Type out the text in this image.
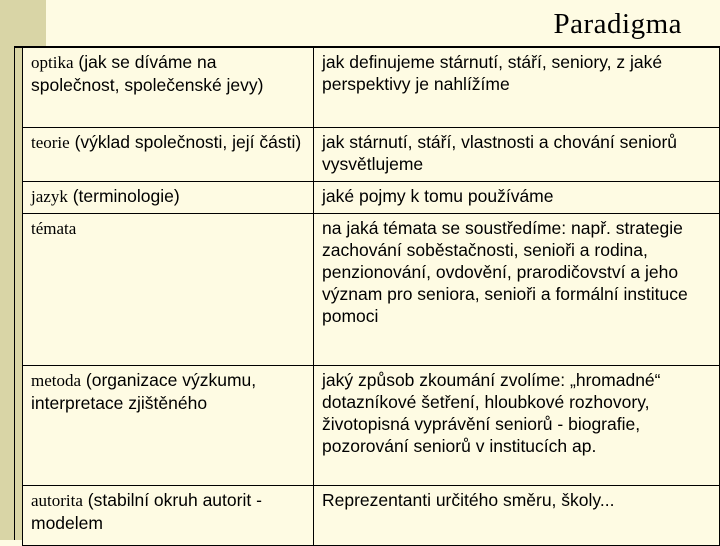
Paradigma
optika (jak se díváme na společnost, společenské jevy)	jak definujeme stárnutí, stáří, seniory, z jaké perspektivy je nahlížíme
teorie (výklad společnosti, její části)	jak stárnutí, stáří, vlastnosti a chování seniorů vysvětlujeme
jazyk (terminologie)	jaké pojmy k tomu používáme
témata	na jaká témata se soustředíme: např. strategie zachování soběstačnosti, senioři a rodina, penzionování, ovdovění, prarodičovství a jeho význam pro seniora, senioři a formální instituce pomoci
metoda (organizace výzkumu, interpretace zjištěného	jaký způsob zkoumání zvolíme: „hromadné“ dotazníkové šetření, hloubkové rozhovory, životopisná vyprávění seniorů - biografie, pozorování seniorů v institucích ap.
autorita (stabilní okruh autorit - modelem	Reprezentanti určitého směru, školy...
